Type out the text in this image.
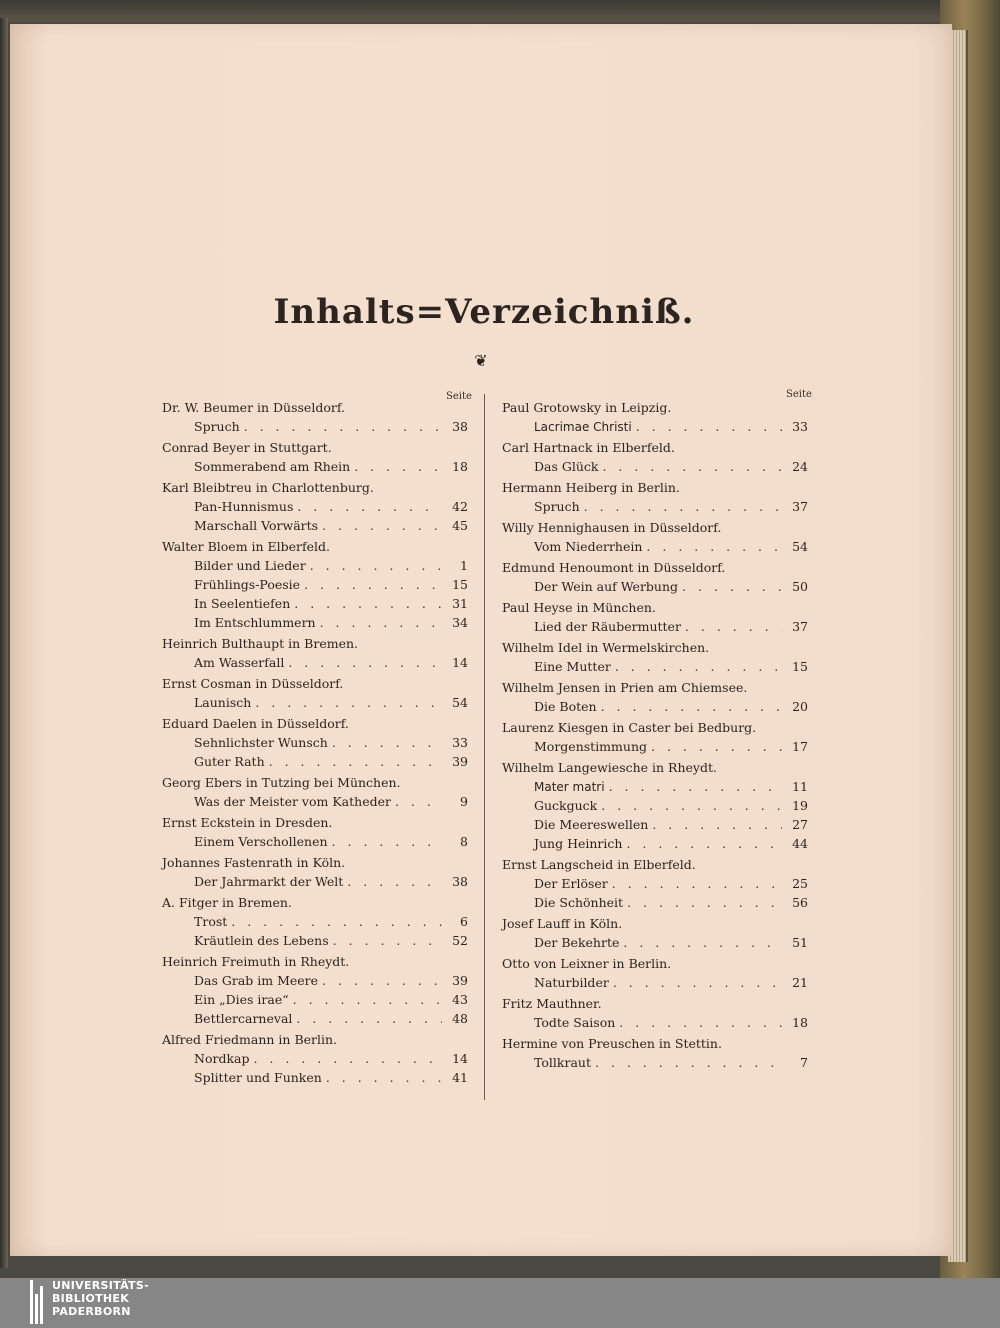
Inhalts=Verzeichniß.
❦
Seite	Seite
Dr. W. Beumer in Düsseldorf.
Spruch . . .	38
Conrad Beyer in Stuttgart.
Sommerabend am Rhein . . .	18
Karl Bleibtreu in Charlottenburg.
Pan-Hunnismus . . .	42
Marschall Vorwärts . . .	45
Walter Bloem in Elberfeld.
Bilder und Lieder . . .	1
Frühlings-Poesie . . .	15
In Seelentiefen . . .	31
Im Entschlummern . . .	34
Heinrich Bulthaupt in Bremen.
Am Wasserfall . . .	14
Ernst Cosman in Düsseldorf.
Launisch . . .	54
Eduard Daelen in Düsseldorf.
Sehnlichster Wunsch . . .	33
Guter Rath . . .	39
Georg Ebers in Tutzing bei München.
Was der Meister vom Katheder . . .	9
Ernst Eckstein in Dresden.
Einem Verschollenen . . .	8
Johannes Fastenrath in Köln.
Der Jahrmarkt der Welt . . .	38
A. Fitger in Bremen.
Trost . . .	6
Kräutlein des Lebens . . .	52
Heinrich Freimuth in Rheydt.
Das Grab im Meere . . .	39
Ein „Dies irae“ . . .	43
Bettlercarneval . . .	48
Alfred Friedmann in Berlin.
Nordkap . . .	14
Splitter und Funken . . .	41
Paul Grotowsky in Leipzig.
Lacrimae Christi . . .	33
Carl Hartnack in Elberfeld.
Das Glück . . .	24
Hermann Heiberg in Berlin.
Spruch . . .	37
Willy Hennighausen in Düsseldorf.
Vom Niederrhein . . .	54
Edmund Henoumont in Düsseldorf.
Der Wein auf Werbung . . .	50
Paul Heyse in München.
Lied der Räubermutter . . .	37
Wilhelm Idel in Wermelskirchen.
Eine Mutter . . .	15
Wilhelm Jensen in Prien am Chiemsee.
Die Boten . . .	20
Laurenz Kiesgen in Caster bei Bedburg.
Morgenstimmung . . .	17
Wilhelm Langewiesche in Rheydt.
Mater matri . . .	11
Guckguck . . .	19
Die Meereswellen . . .	27
Jung Heinrich . . .	44
Ernst Langscheid in Elberfeld.
Der Erlöser . . .	25
Die Schönheit . . .	56
Josef Lauff in Köln.
Der Bekehrte . . .	51
Otto von Leixner in Berlin.
Naturbilder . . .	21
Fritz Mauthner.
Todte Saison . . .	18
Hermine von Preuschen in Stettin.
Tollkraut . . .	7
UNIVERSITÄTS-
BIBLIOTHEK
PADERBORN
